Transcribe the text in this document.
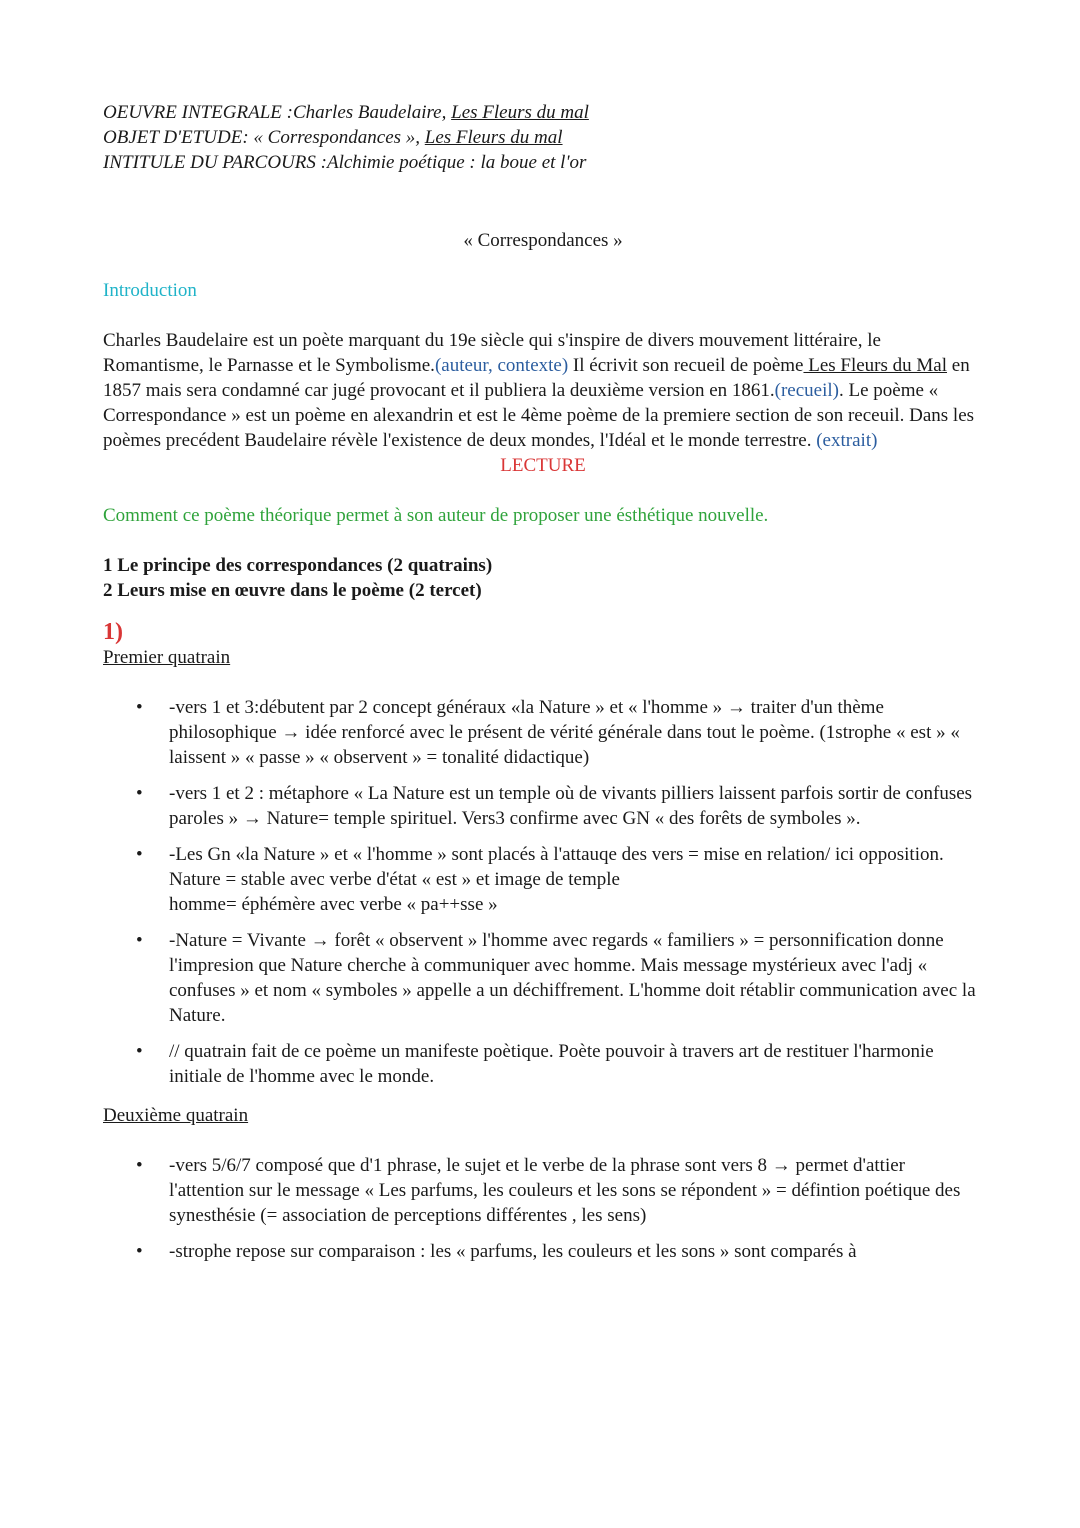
OEUVRE INTEGRALE :Charles Baudelaire, Les Fleurs du mal

OBJET D'ETUDE: « Correspondances », Les Fleurs du mal

INTITULE DU PARCOURS :Alchimie poétique : la boue et l'or

« Correspondances »

Introduction

Charles Baudelaire est un poète marquant du 19e siècle qui s'inspire de divers mouvement littéraire, le Romantisme, le Parnasse et le Symbolisme.(auteur, contexte) Il écrivit son recueil de poème Les Fleurs du Mal en 1857 mais sera condamné car jugé provocant et il publiera la deuxième version en 1861.(recueil). Le poème « Correspondance » est un poème en alexandrin et est le 4ème poème de la premiere section de son receuil. Dans les poèmes precédent Baudelaire révèle l'existence de deux mondes, l'Idéal et le monde terrestre. (extrait)

LECTURE

Comment ce poème théorique permet à son auteur de proposer une ésthétique nouvelle.

1 Le principe des correspondances (2 quatrains)

2 Leurs mise en œuvre dans le poème (2 tercet)

1)

Premier quatrain

• -vers 1 et 3:débutent par 2 concept généraux «la Nature » et « l'homme » → traiter d'un thème philosophique → idée renforcé avec le présent de vérité générale dans tout le poème. (1strophe « est » « laissent » « passe » « observent » = tonalité didactique)
• -vers 1 et 2 : métaphore « La Nature est un temple où de vivants pilliers laissent parfois sortir de confuses paroles » → Nature= temple spirituel. Vers3 confirme avec GN « des forêts de symboles ».
• -Les Gn «la Nature » et « l'homme » sont placés à l'attauqe des vers = mise en relation/ ici opposition.
Nature = stable avec verbe d'état « est » et image de temple
homme= éphémère avec verbe « pa++sse »
• -Nature = Vivante → forêt « observent » l'homme avec regards « familiers » = personnification donne l'impresion que Nature cherche à communiquer avec homme. Mais message mystérieux avec l'adj « confuses » et nom « symboles » appelle a un déchiffrement. L'homme doit rétablir communication avec la Nature.
• // quatrain fait de ce poème un manifeste poètique. Poète pouvoir à travers art de restituer l'harmonie initiale de l'homme avec le monde.

Deuxième quatrain

• -vers 5/6/7 composé que d'1 phrase, le sujet et le verbe de la phrase sont vers 8 → permet d'attier l'attention sur le message « Les parfums, les couleurs et les sons se répondent » = défintion poétique des synesthésie (= association de perceptions différentes , les sens)
• -strophe repose sur comparaison : les « parfums, les couleurs et les sons » sont comparés à
